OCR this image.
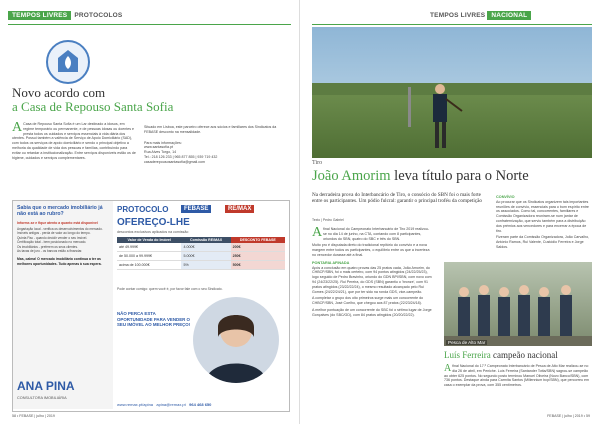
TEMPOS LIVRES PROTOCOLOS
Novo acordo com
a Casa de Repouso Santa Sofia
A Casa de Repouso Santa Sofia é um Lar destinado a idosos, em regime temporário ou permanente, e de pessoas idosas ou doentes e presta todos os cuidados e serviços essenciais à vida diária dos utentes. Possui também a valência de Serviço de Apoio Domiciliário (SAD), com todos os serviços de apoio domiciliário e sendo o principal objetivo a melhoria da qualidade de vida dos pessoas e famílias, contribuindo para evitar ou retardar a institucionalização. Entre serviços disponíveis estão os de higiene, cuidados e serviços complementares.
Situado em Lisboa, este parceiro oferece aos sócios e familiares dos Sindicatos da FEBASE desconto na mensalidade.
Para mais informações:
www.santasofia.pt
Rua Alves Torgo, 14
Tel.: 218 126 233 | 965 877 855 | 939 719 432
casaderepousosantasofia@gmail.com
Sabia que o mercado imobiliário já não está ao rubro?
Informe-se e fique atento a quanto está disponível
Angariação local - verifica os desenvolvimentos do mercado.
Imóveis antigos - perda de valor ao longo do tempo.
Quinta Fisc - quando decidir vender o seu imóvel.
Certificação total - bem posicionado no mercado.
Os imobiliários - preferem os seus clientes.
As taxas de juro - os bancos estão a financiar.
Mas, calma! O mercado imobiliário continua a ter as melhores oportunidades. Tudo apenas à sua espera.
ANA PINA
CONSULTORA IMOBILIÁRIA
PROTOCOLO	FEBASE	RE/MAX
OFEREÇO-LHE
descontos exclusivos aplicados na comissão
Valor de Venda do Imóvel	Comissão RE/MAX	DESCONTO FEBASE
até 49.999€	4.000€	200€
de 50.000 a 99.999€	5.000€	250€
acima de 100.000€	5%	500€
Pode contar comigo: quem você é, por favor fale com o seu Sindicato.
NÃO PERCA ESTA OPORTUNIDADE PARA VENDER O SEU IMÓVEL AO MELHOR PREÇO!
www.remax.pt/apina apina@remax.pt 964 468 650
58 • FEBASE | julho | 2019
TEMPOS LIVRES NACIONAL
Tiro
João Amorim leva título para o Norte
Na derradeira prova do Interbancário de Tiro, o consócio do SBN foi o mais forte entre os participantes. Um pódio fulcral: garantir o principal troféu da competição
Texto | Pedro Gabriel
A final Nacional do Campeonato Interbancário de Tiro 2019 realizou-se no dia 14 de junho, na CTA, contando com 8 participantes, oriundos do SBN, quatro do SBC e três do SBN.
Muito pro é disputada direto do tradicional repitório do convívio e a nova margem entre todos os participantes, o equilíbrio entre os que a incerteza no vencedor durasse até a final.
PONTARIA AFINADA
Após a conclusão em quatro provas das 25 pratos cada, João Amorim, do CHBCP/SBN, foi o mais certeiro, com 94 pontos atingidos (24/22/25/23), logo seguido de Pedro Bravinho, oriundo do GDN BPI/SBN, com novo com 94 (24/23/22/25). Rui Pereira, do GDS (SBN) garantiu o 'bronze', com 91 pratos atingidos (23/22/22/24), o mesmo resultado alcançado pelo Rui Gomes (24/22/24/21), que por ter sido na ronda GDS, vice-campeão.
A completar o grupo dos oito primeiros surge mais um concorrente do CHBCP/SBN, José Coelho, que chegou aos 87 pratos (22/23/24/18).
A melhor pontuação de um concorrente do SBC foi o sétimo lugar de Jorge Gonçalves (do SBC/GD), com 84 pratos atingidos (20/20/22/22).
CONVÍVIO
Ao procurar que os Sindicatos organizem tais importantes reuniões de convívio, essenciais para o bom espírito entre os associados. Como tal, concorrentes, familiares e Comissão Organizadora reuniram-se num jantar de confraternização, que serviu também para a distribuição dos prémios aos vencedores e para encerrar a época de tiro.
Fizeram parte da Comissão Organizadora, João Carvalho, António Ramos, Rui Valente, Custódio Ferreira e Jorge Saldos.
Pesca de Alto Mar
Luís Ferreira campeão nacional
A final Nacional do 17.º Campeonato Interbancário de Pesca de Alto Mar realizou-se no dia 26 de abril, em Peniche. Luís Ferreira (Santander Totta/SBN) sagrou-se campeão ao obter 625 pontos. No segundo posto terminou Manuel Oliveira (Novo Banco/SBN), com 736 pontos. Destaque ainda para Carmita Santos (Millennium bcp/SBN), que percorreu em casa o exemplar da prova, com 355 centímetros.
FEBASE | julho | 2019 • 59
